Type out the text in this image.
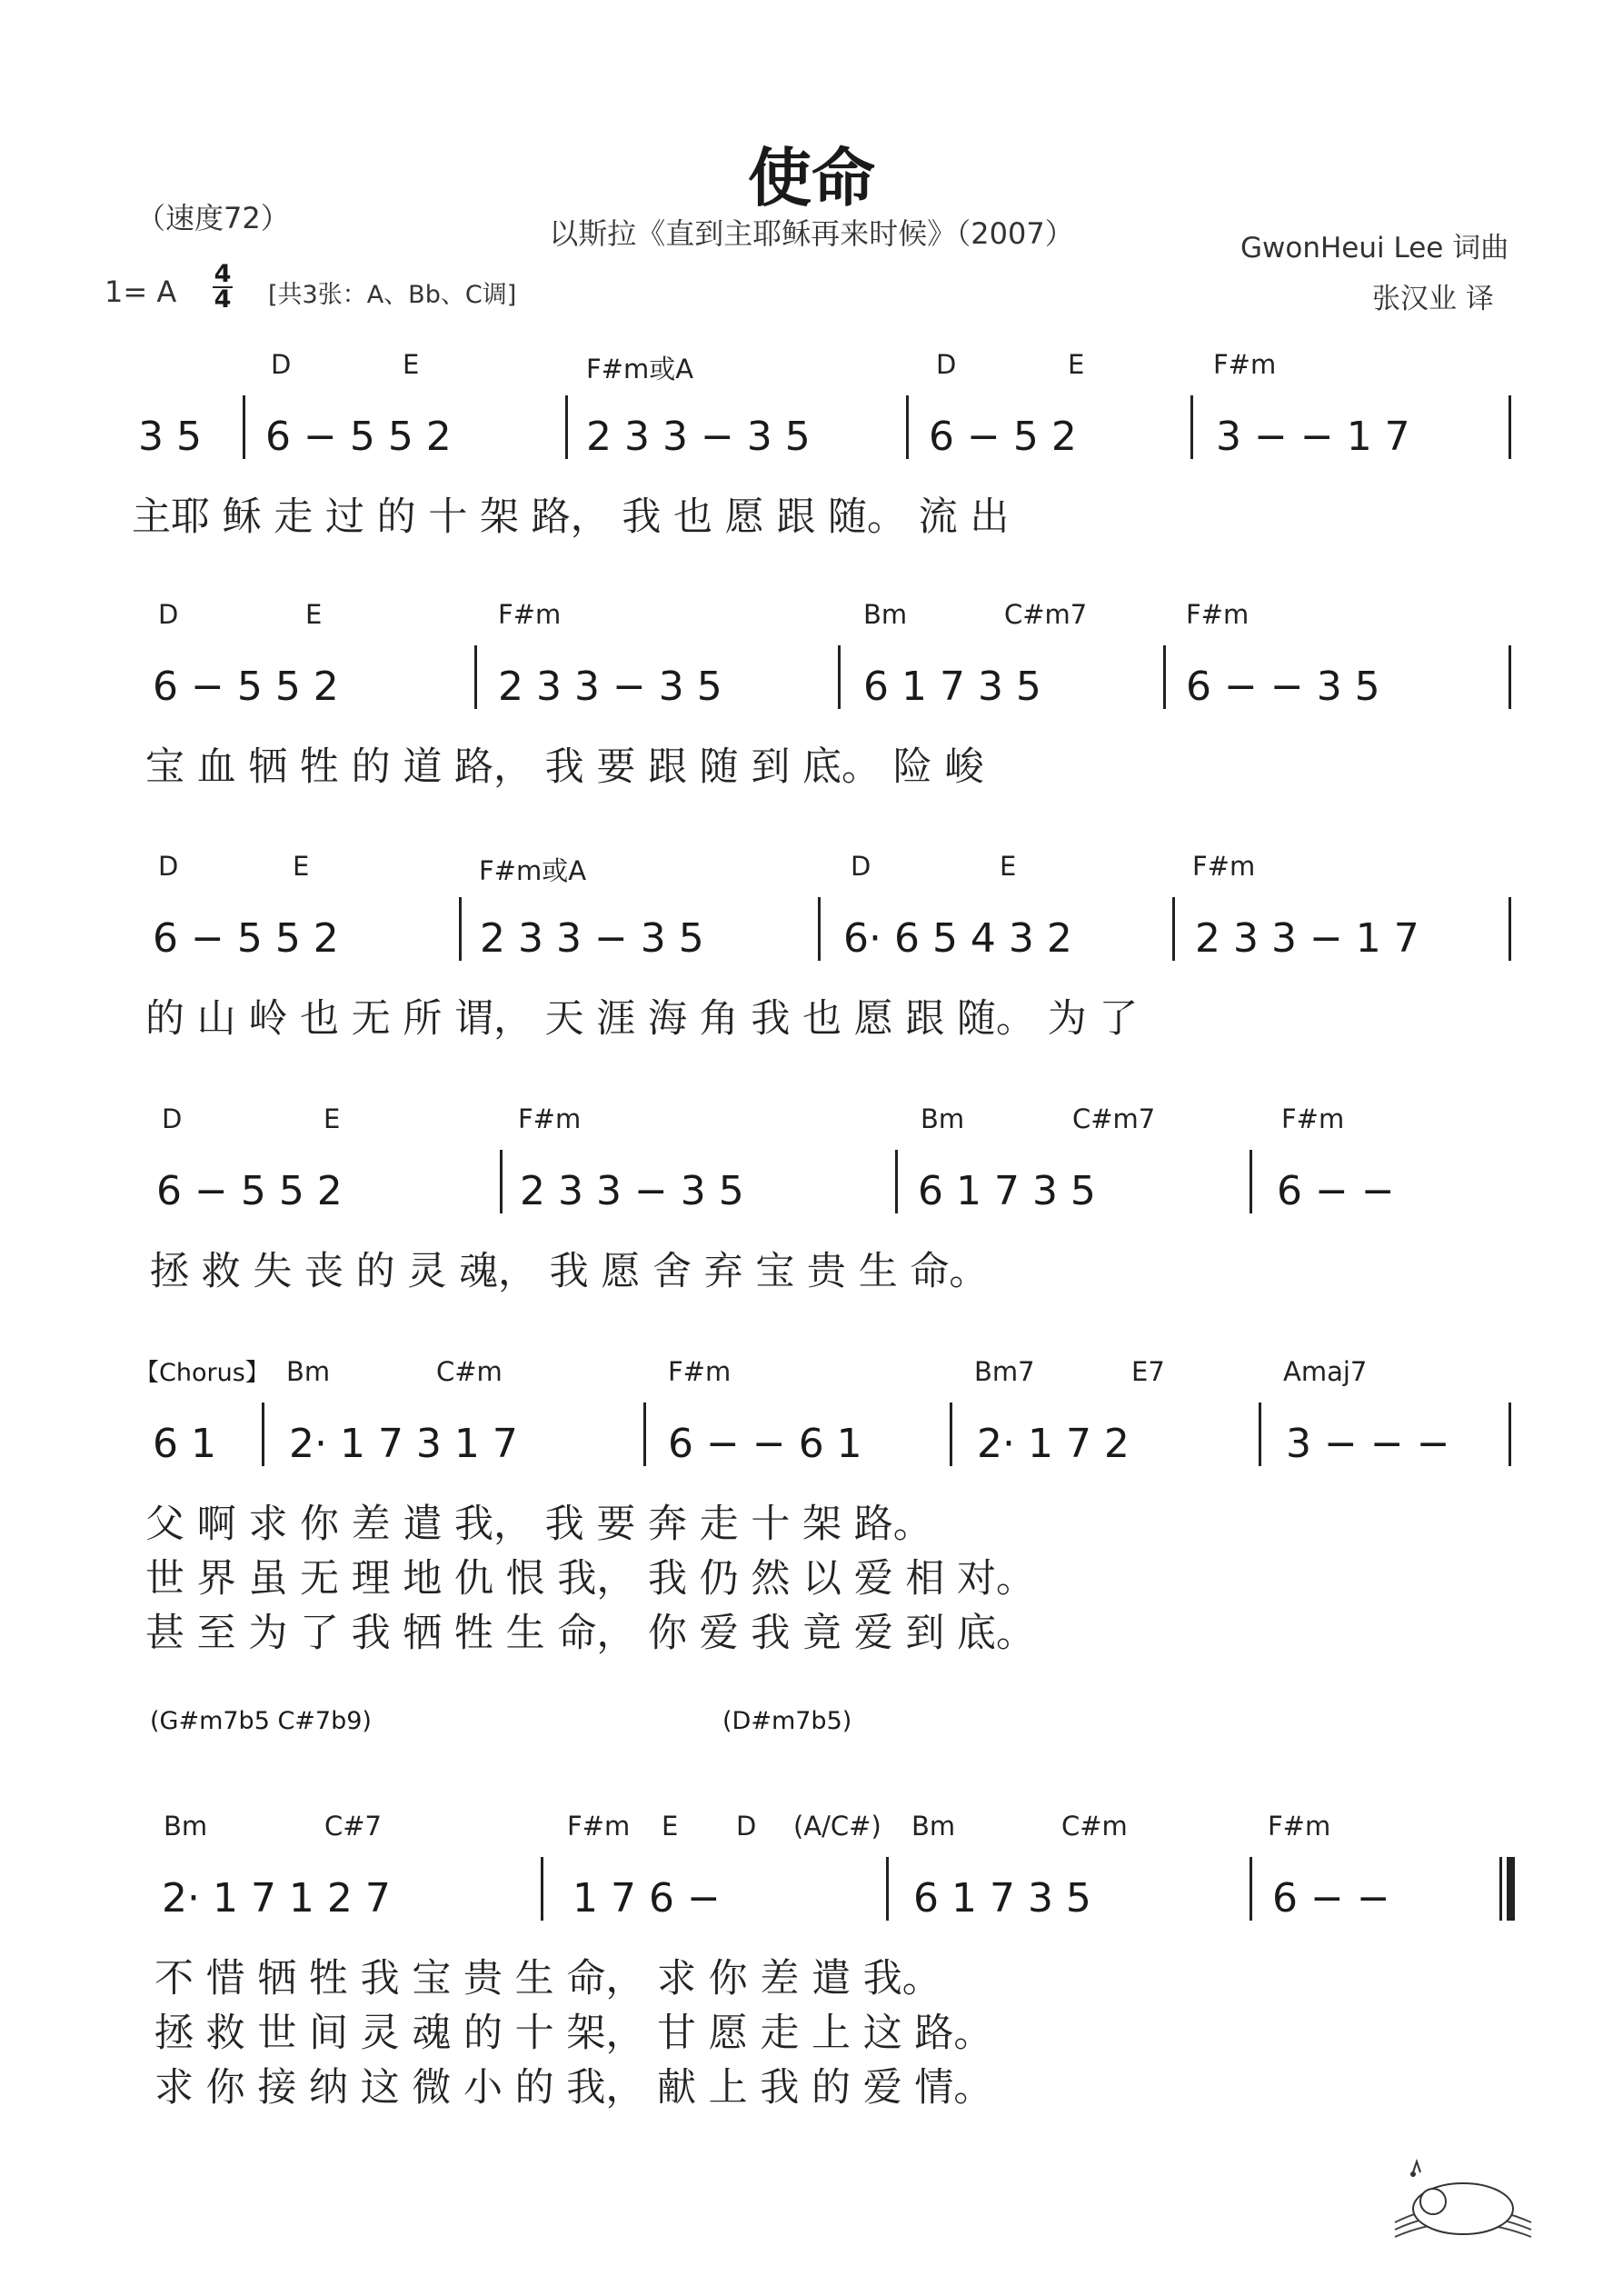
使命
以斯拉《直到主耶稣再来时候》（2007）
（速度72）
1= A
4
4 [共3张：A、Bb、C调]
GwonHeui Lee 词曲
张汉业 译
D	E	F#m或A	D	E	F#m
3 5 6 − 5 5 2	2 3 3 − 3 5	6 − 5 2	3 − − 1 7
主耶 稣 走 过 的 十 架 路， 我 也 愿 跟 随。 流 出
D	E	F#m	Bm	C#m7	F#m
6 − 5 5 2	2 3 3 − 3 5	6 1 7 3 5	6 − − 3 5
宝 血 牺 牲 的 道 路， 我 要 跟 随 到 底。 险 峻
D	E	F#m或A	D	E	F#m
6 − 5 5 2	2 3 3 − 3 5	6· 6 5 4 3 2	2 3 3 − 1 7
的 山 岭 也 无 所 谓， 天 涯 海 角 我 也 愿 跟 随。 为 了
D	E	F#m	Bm	C#m7	F#m
6 − 5 5 2	2 3 3 − 3 5	6 1 7 3 5	6 − −
拯 救 失 丧 的 灵 魂， 我 愿 舍 弃 宝 贵 生 命。
【Chorus】 Bm	C#m	F#m	Bm7	E7	Amaj7
6 1 2· 1 7 3 1 7	6 − − 6 1	2· 1 7 2	3 − − −
父 啊 求 你 差 遣 我， 我 要 奔 走 十 架 路。
世 界 虽 无 理 地 仇 恨 我， 我 仍 然 以 爱 相 对。
甚 至 为 了 我 牺 牲 生 命， 你 爱 我 竟 爱 到 底。
(G#m7b5 C#7b9)	(D#m7b5)
Bm	C#7	F#m E D (A/C#) Bm	C#m	F#m
2· 1 7 1 2 7	1 7 6 −	6 1 7 3 5	6 − −
不 惜 牺 牲 我 宝 贵 生 命， 求 你 差 遣 我。
拯 救 世 间 灵 魂 的 十 架， 甘 愿 走 上 这 路。
求 你 接 纳 这 微 小 的 我， 献 上 我 的 爱 情。
